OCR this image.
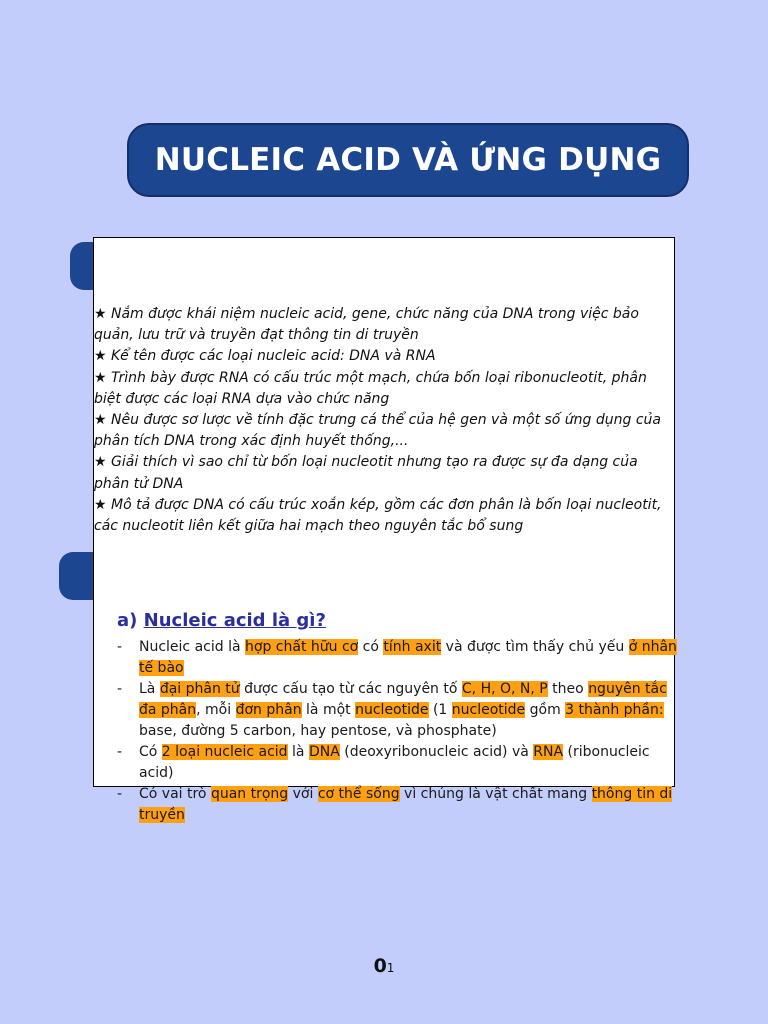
NUCLEIC ACID VÀ ỨNG DỤNG

★ Nắm được khái niệm nucleic acid, gene, chức năng của DNA trong việc bảo quản, lưu trữ và truyền đạt thông tin di truyền

★ Kể tên được các loại nucleic acid: DNA và RNA

★ Trình bày được RNA có cấu trúc một mạch, chứa bốn loại ribonucleotit, phân biệt được các loại RNA dựa vào chức năng

★ Nêu được sơ lược về tính đặc trưng cá thể của hệ gen và một số ứng dụng của phân tích DNA trong xác định huyết thống,...

★ Giải thích vì sao chỉ từ bốn loại nucleotit nhưng tạo ra được sự đa dạng của phân tử DNA

★ Mô tả được DNA có cấu trúc xoắn kép, gồm các đơn phân là bốn loại nucleotit, các nucleotit liên kết giữa hai mạch theo nguyên tắc bổ sung

a) Nucleic acid là gì?
- Nucleic acid là hợp chất hữu cơ có tính axit và được tìm thấy chủ yếu ở nhân tế bào
- Là đại phân tử được cấu tạo từ các nguyên tố C, H, O, N, P theo nguyên tắc đa phân, mỗi đơn phân là một nucleotide (1 nucleotide gồm 3 thành phần: base, đường 5 carbon, hay pentose, và phosphate)
- Có 2 loại nucleic acid là DNA (deoxyribonucleic acid) và RNA (ribonucleic acid)
- Có vai trò quan trọng với cơ thể sống vì chúng là vật chất mang thông tin di truyền
01
